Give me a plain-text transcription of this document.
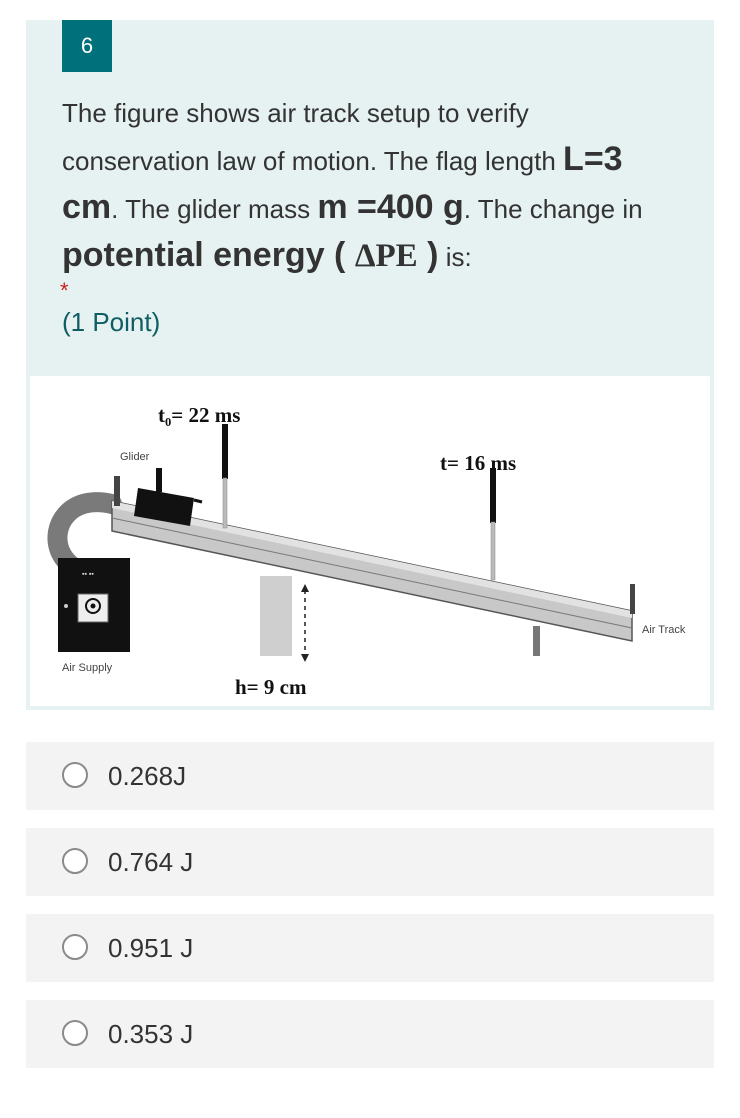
6
The figure shows air track setup to verify conservation law of motion. The flag length L=3 cm. The glider mass m =400 g. The change in potential energy ( ΔPE ) is:
*
(1 Point)
▪▪ ▪▪
t₀= 22 ms
t= 16 ms
h= 9 cm
Glider
Air Track
Air Supply
0.268J
0.764 J
0.951 J
0.353 J
